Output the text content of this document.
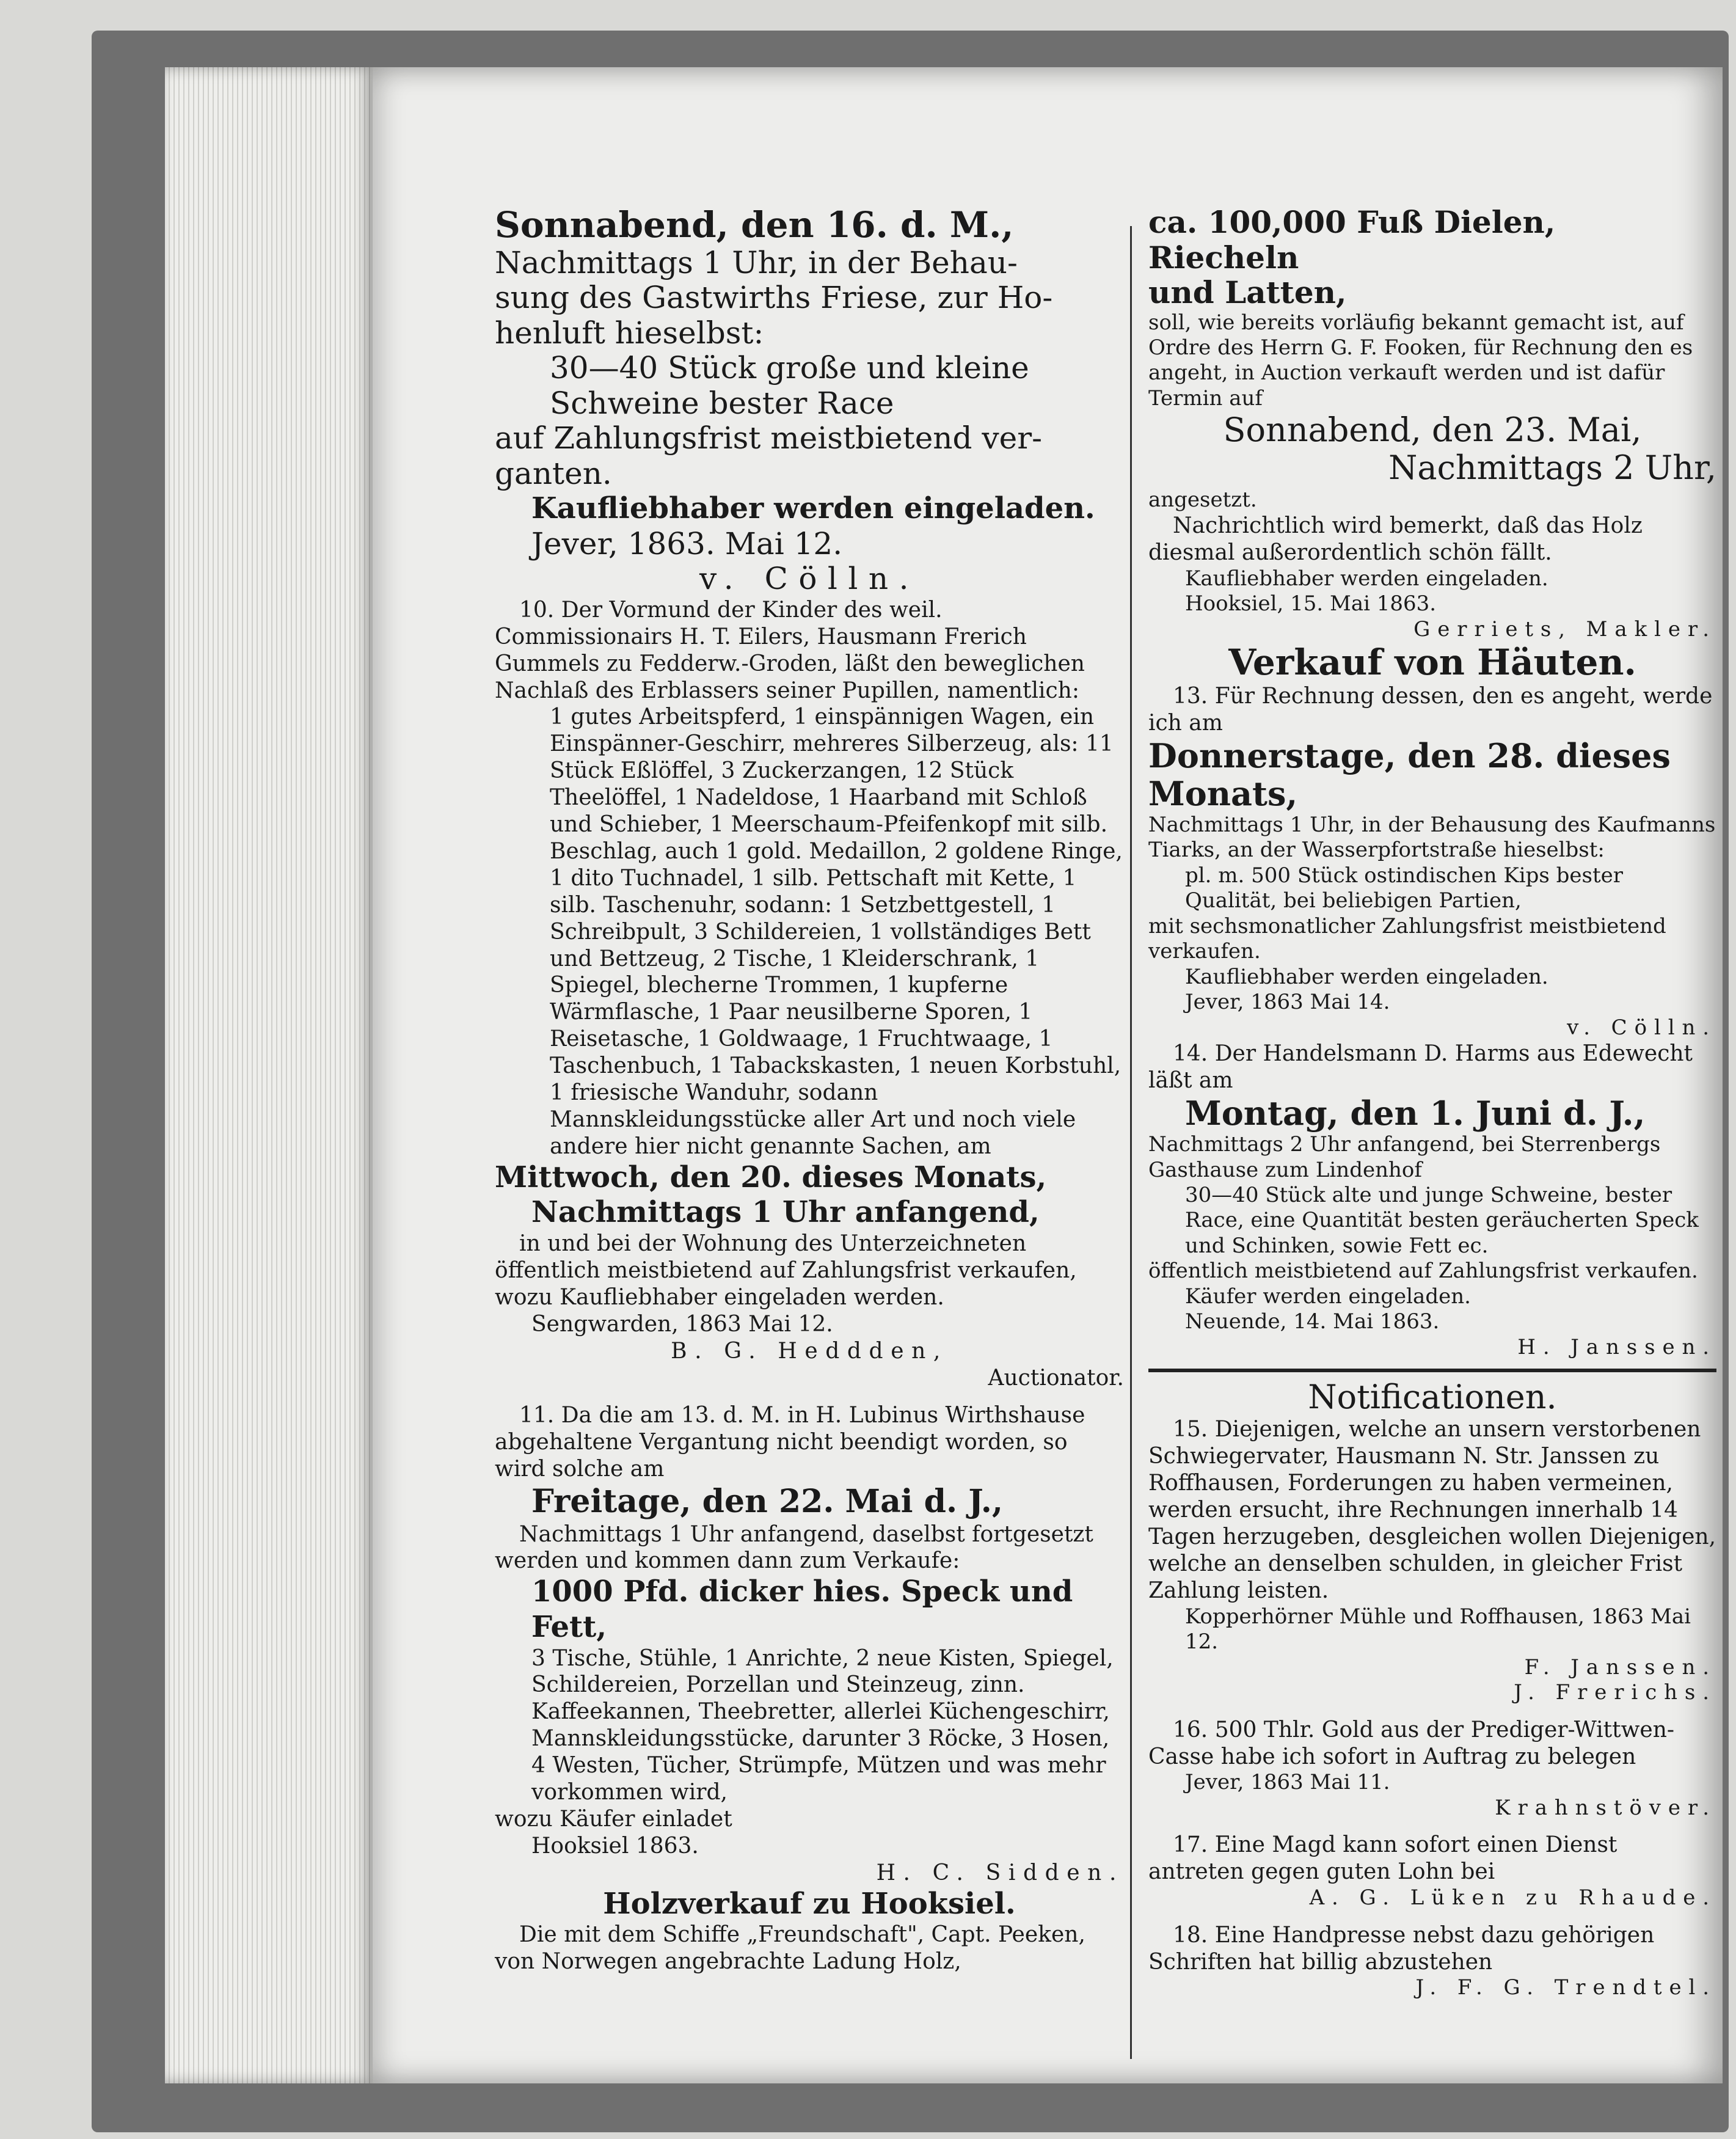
Sonnabend, den 16. d. M.,

Nachmittags 1 Uhr, in der Behau-

sung des Gastwirths Friese, zur Ho-

henluft hieselbst:

30—40 Stück große und kleine

Schweine bester Race

auf Zahlungsfrist meistbietend ver-

ganten.

Kaufliebhaber werden eingeladen.

Jever, 1863. Mai 12.

v. Cölln.

10. Der Vormund der Kinder des weil. Commissionairs H. T. Eilers, Hausmann Frerich Gummels zu Fedderw.-Groden, läßt den beweglichen Nachlaß des Erblassers seiner Pupillen, namentlich:

1 gutes Arbeitspferd, 1 einspännigen Wagen, ein Einspänner-Geschirr, mehreres Silberzeug, als: 11 Stück Eßlöffel, 3 Zuckerzangen, 12 Stück Theelöffel, 1 Nadeldose, 1 Haarband mit Schloß und Schieber, 1 Meerschaum-Pfeifenkopf mit silb. Beschlag, auch 1 gold. Medaillon, 2 goldene Ringe, 1 dito Tuchnadel, 1 silb. Pettschaft mit Kette, 1 silb. Taschenuhr, sodann: 1 Setzbettgestell, 1 Schreibpult, 3 Schildereien, 1 vollständiges Bett und Bettzeug, 2 Tische, 1 Kleiderschrank, 1 Spiegel, blecherne Trommen, 1 kupferne Wärmflasche, 1 Paar neusilberne Sporen, 1 Reisetasche, 1 Goldwaage, 1 Fruchtwaage, 1 Taschenbuch, 1 Tabackskasten, 1 neuen Korbstuhl, 1 friesische Wanduhr, sodann Mannskleidungsstücke aller Art und noch viele andere hier nicht genannte Sachen, am

Mittwoch, den 20. dieses Monats,

Nachmittags 1 Uhr anfangend,

in und bei der Wohnung des Unterzeichneten öffentlich meistbietend auf Zahlungsfrist verkaufen, wozu Kaufliebhaber eingeladen werden.

Sengwarden, 1863 Mai 12.

B. G. Heddden,

Auctionator.

11. Da die am 13. d. M. in H. Lubinus Wirthshause abgehaltene Vergantung nicht beendigt worden, so wird solche am

Freitage, den 22. Mai d. J.,

Nachmittags 1 Uhr anfangend, daselbst fortgesetzt werden und kommen dann zum Verkaufe:

1000 Pfd. dicker hies. Speck und Fett,

3 Tische, Stühle, 1 Anrichte, 2 neue Kisten, Spiegel, Schildereien, Porzellan und Steinzeug, zinn. Kaffeekannen, Theebretter, allerlei Küchengeschirr, Mannskleidungsstücke, darunter 3 Röcke, 3 Hosen, 4 Westen, Tücher, Strümpfe, Mützen und was mehr vorkommen wird,

wozu Käufer einladet

Hooksiel 1863.

H. C. Sidden.

Holzverkauf zu Hooksiel.

Die mit dem Schiffe „Freundschaft", Capt. Peeken, von Norwegen angebrachte Ladung Holz,

ca. 100,000 Fuß Dielen, Riecheln

und Latten,

soll, wie bereits vorläufig bekannt gemacht ist, auf Ordre des Herrn G. F. Fooken, für Rechnung den es angeht, in Auction verkauft werden und ist dafür Termin auf

Sonnabend, den 23. Mai,

Nachmittags 2 Uhr,

angesetzt.

Nachrichtlich wird bemerkt, daß das Holz diesmal außerordentlich schön fällt.

Kaufliebhaber werden eingeladen.

Hooksiel, 15. Mai 1863.

Gerriets, Makler.

Verkauf von Häuten.

13. Für Rechnung dessen, den es angeht, werde ich am

Donnerstage, den 28. dieses Monats,

Nachmittags 1 Uhr, in der Behausung des Kaufmanns Tiarks, an der Wasserpfortstraße hieselbst:

pl. m. 500 Stück ostindischen Kips bester Qualität, bei beliebigen Partien,

mit sechsmonatlicher Zahlungsfrist meistbietend verkaufen.

Kaufliebhaber werden eingeladen.

Jever, 1863 Mai 14.

v. Cölln.

14. Der Handelsmann D. Harms aus Edewecht läßt am

Montag, den 1. Juni d. J.,

Nachmittags 2 Uhr anfangend, bei Sterrenbergs Gasthause zum Lindenhof

30—40 Stück alte und junge Schweine, bester Race, eine Quantität besten geräucherten Speck und Schinken, sowie Fett ec.

öffentlich meistbietend auf Zahlungsfrist verkaufen.

Käufer werden eingeladen.

Neuende, 14. Mai 1863.

H. Janssen.

Notificationen.

15. Diejenigen, welche an unsern verstorbenen Schwiegervater, Hausmann N. Str. Janssen zu Roffhausen, Forderungen zu haben vermeinen, werden ersucht, ihre Rechnungen innerhalb 14 Tagen herzugeben, desgleichen wollen Diejenigen, welche an denselben schulden, in gleicher Frist Zahlung leisten.

Kopperhörner Mühle und Roffhausen, 1863 Mai 12.

F. Janssen.

J. Frerichs.

16. 500 Thlr. Gold aus der Prediger-Wittwen-Casse habe ich sofort in Auftrag zu belegen

Jever, 1863 Mai 11.

Krahnstöver.

17. Eine Magd kann sofort einen Dienst antreten gegen guten Lohn bei

A. G. Lüken zu Rhaude.

18. Eine Handpresse nebst dazu gehörigen Schriften hat billig abzustehen

J. F. G. Trendtel.
